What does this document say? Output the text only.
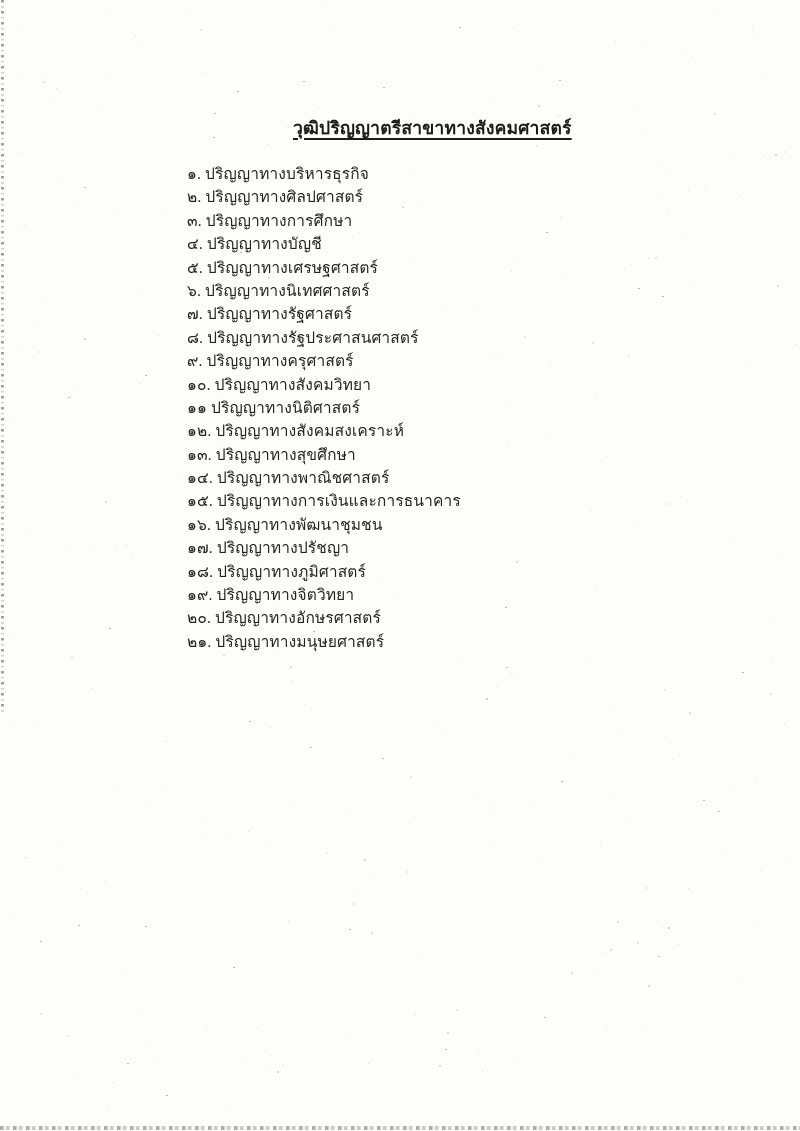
วุฒิปริญญาตรีสาขาทางสังคมศาสตร์
๑. ปริญญาทางบริหารธุรกิจ
๒. ปริญญาทางศิลปศาสตร์
๓. ปริญญาทางการศึกษา
๔. ปริญญาทางบัญชี
๕. ปริญญาทางเศรษฐศาสตร์
๖. ปริญญาทางนิเทศศาสตร์
๗. ปริญญาทางรัฐศาสตร์
๘. ปริญญาทางรัฐประศาสนศาสตร์
๙. ปริญญาทางครุศาสตร์
๑๐. ปริญญาทางสังคมวิทยา
๑๑ ปริญญาทางนิติศาสตร์
๑๒. ปริญญาทางสังคมสงเคราะห์
๑๓. ปริญญาทางสุขศึกษา
๑๔. ปริญญาทางพาณิชศาสตร์
๑๕. ปริญญาทางการเงินและการธนาคาร
๑๖. ปริญญาทางพัฒนาชุมชน
๑๗. ปริญญาทางปรัชญา
๑๘. ปริญญาทางภูมิศาสตร์
๑๙. ปริญญาทางจิตวิทยา
๒๐. ปริญญาทางอักษรศาสตร์
๒๑. ปริญญาทางมนุษยศาสตร์
